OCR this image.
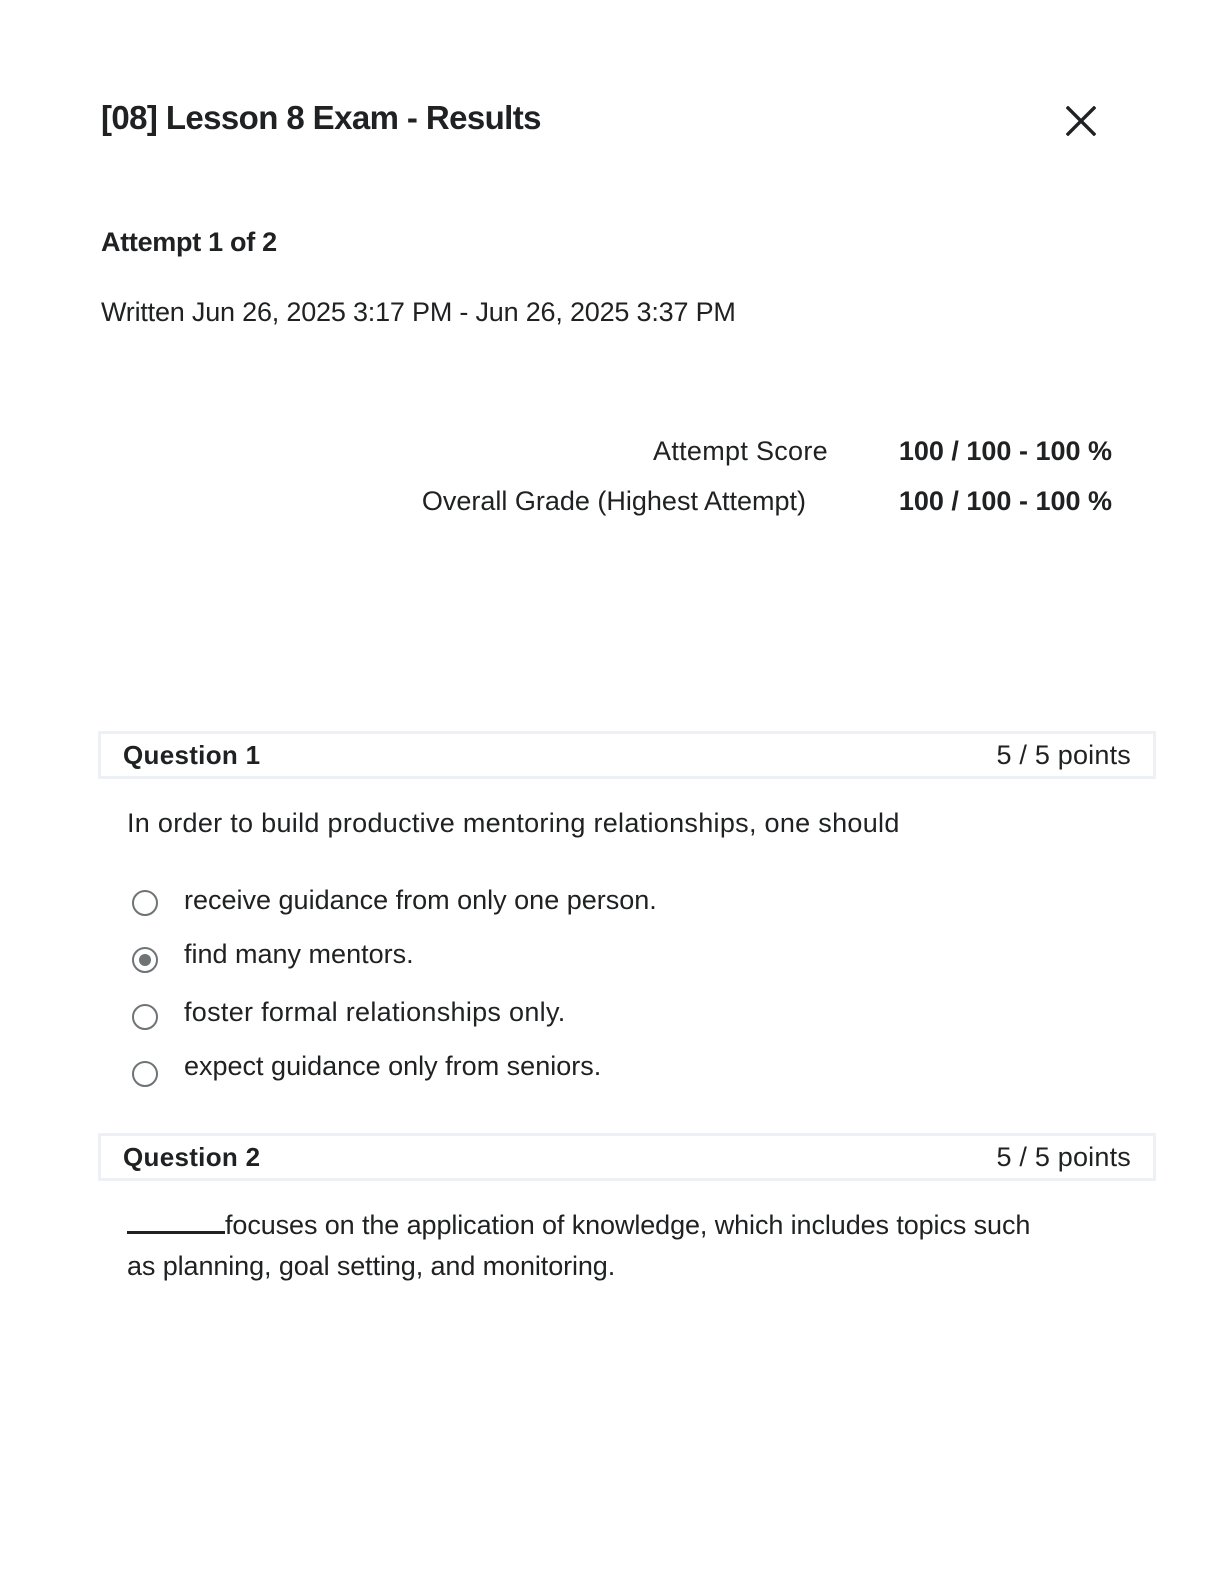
[08] Lesson 8 Exam - Results
Attempt 1 of 2
Written Jun 26, 2025 3:17 PM - Jun 26, 2025 3:37 PM
Attempt Score	100 / 100 - 100 %
Overall Grade (Highest Attempt)	100 / 100 - 100 %
Question 1	5 / 5 points
In order to build productive mentoring relationships, one should
receive guidance from only one person.
find many mentors.
foster formal relationships only.
expect guidance only from seniors.
Question 2	5 / 5 points
focuses on the application of knowledge, which includes topics such
as planning, goal setting, and monitoring.
